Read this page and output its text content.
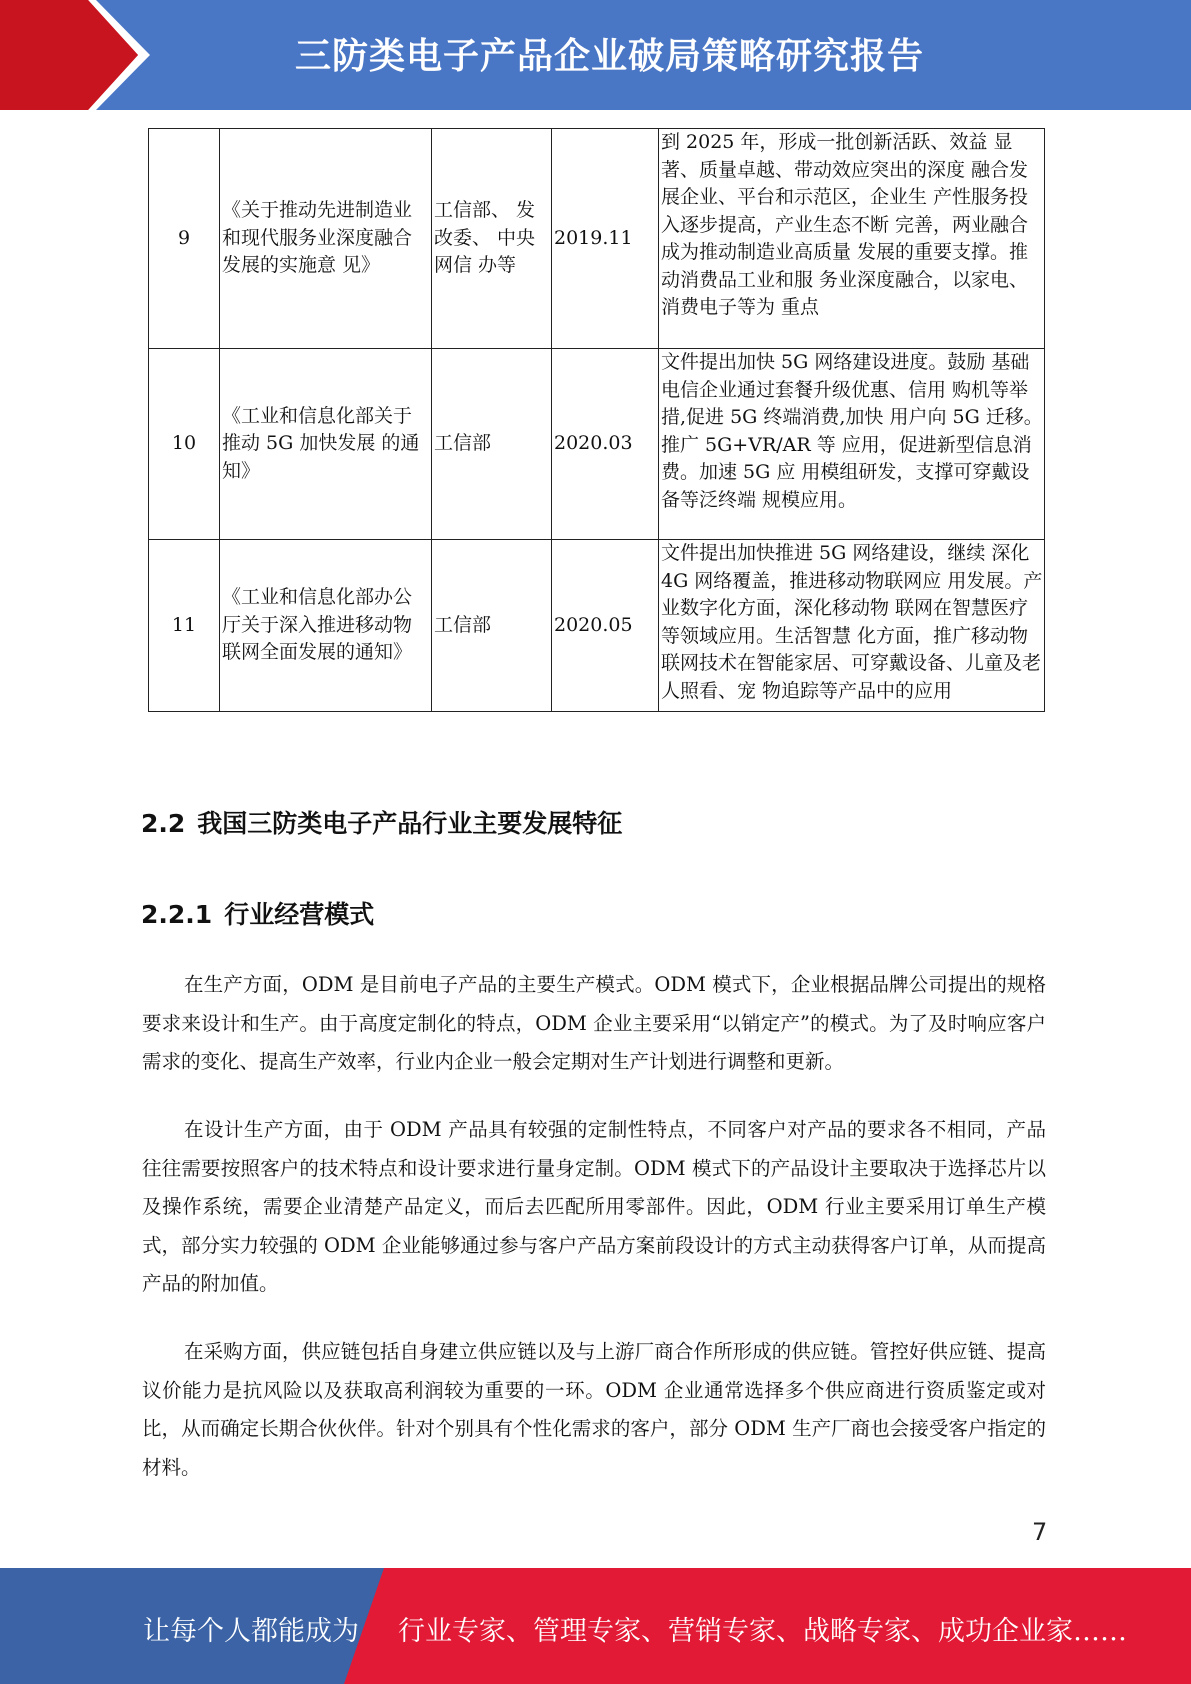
三防类电子产品企业破局策略研究报告
9	《关于推动先进制造业和现代服务业深度融合发展的实施意 见》	工信部、 发改委、 中央网信 办等	2019.11	到 2025 年，形成一批创新活跃、效益 显著、质量卓越、带动效应突出的深度 融合发展企业、平台和示范区，企业生 产性服务投入逐步提高，产业生态不断 完善，两业融合成为推动制造业高质量 发展的重要支撑。推动消费品工业和服 务业深度融合，以家电、消费电子等为 重点
10	《工业和信息化部关于推动 5G 加快发展 的通知》	工信部	2020.03	文件提出加快 5G 网络建设进度。鼓励 基础电信企业通过套餐升级优惠、信用 购机等举措,促进 5G 终端消费,加快 用户向 5G 迁移。推广 5G+VR/AR 等 应用，促进新型信息消费。加速 5G 应 用模组研发，支撑可穿戴设备等泛终端 规模应用。
11	《工业和信息化部办公厅关于深入推进移动物联网全面发展的通知》	工信部	2020.05	文件提出加快推进 5G 网络建设，继续 深化 4G 网络覆盖，推进移动物联网应 用发展。产业数字化方面，深化移动物 联网在智慧医疗等领域应用。生活智慧 化方面，推广移动物联网技术在智能家居、可穿戴设备、儿童及老人照看、宠 物追踪等产品中的应用
2.2 我国三防类电子产品行业主要发展特征
2.2.1 行业经营模式

在生产方面，ODM 是目前电子产品的主要生产模式。ODM 模式下，企业根据品牌公司提出的规格要求来设计和生产。由于高度定制化的特点，ODM 企业主要采用“以销定产”的模式。为了及时响应客户需求的变化、提高生产效率，行业内企业一般会定期对生产计划进行调整和更新。

在设计生产方面，由于 ODM 产品具有较强的定制性特点，不同客户对产品的要求各不相同，产品往往需要按照客户的技术特点和设计要求进行量身定制。ODM 模式下的产品设计主要取决于选择芯片以及操作系统，需要企业清楚产品定义，而后去匹配所用零部件。因此，ODM 行业主要采用订单生产模式，部分实力较强的 ODM 企业能够通过参与客户产品方案前段设计的方式主动获得客户订单，从而提高产品的附加值。

在采购方面，供应链包括自身建立供应链以及与上游厂商合作所形成的供应链。管控好供应链、提高议价能力是抗风险以及获取高利润较为重要的一环。ODM 企业通常选择多个供应商进行资质鉴定或对比，从而确定长期合伙伙伴。针对个别具有个性化需求的客户，部分 ODM 生产厂商也会接受客户指定的材料。

7
让每个人都能成为 行业专家、管理专家、营销专家、战略专家、成功企业家……
